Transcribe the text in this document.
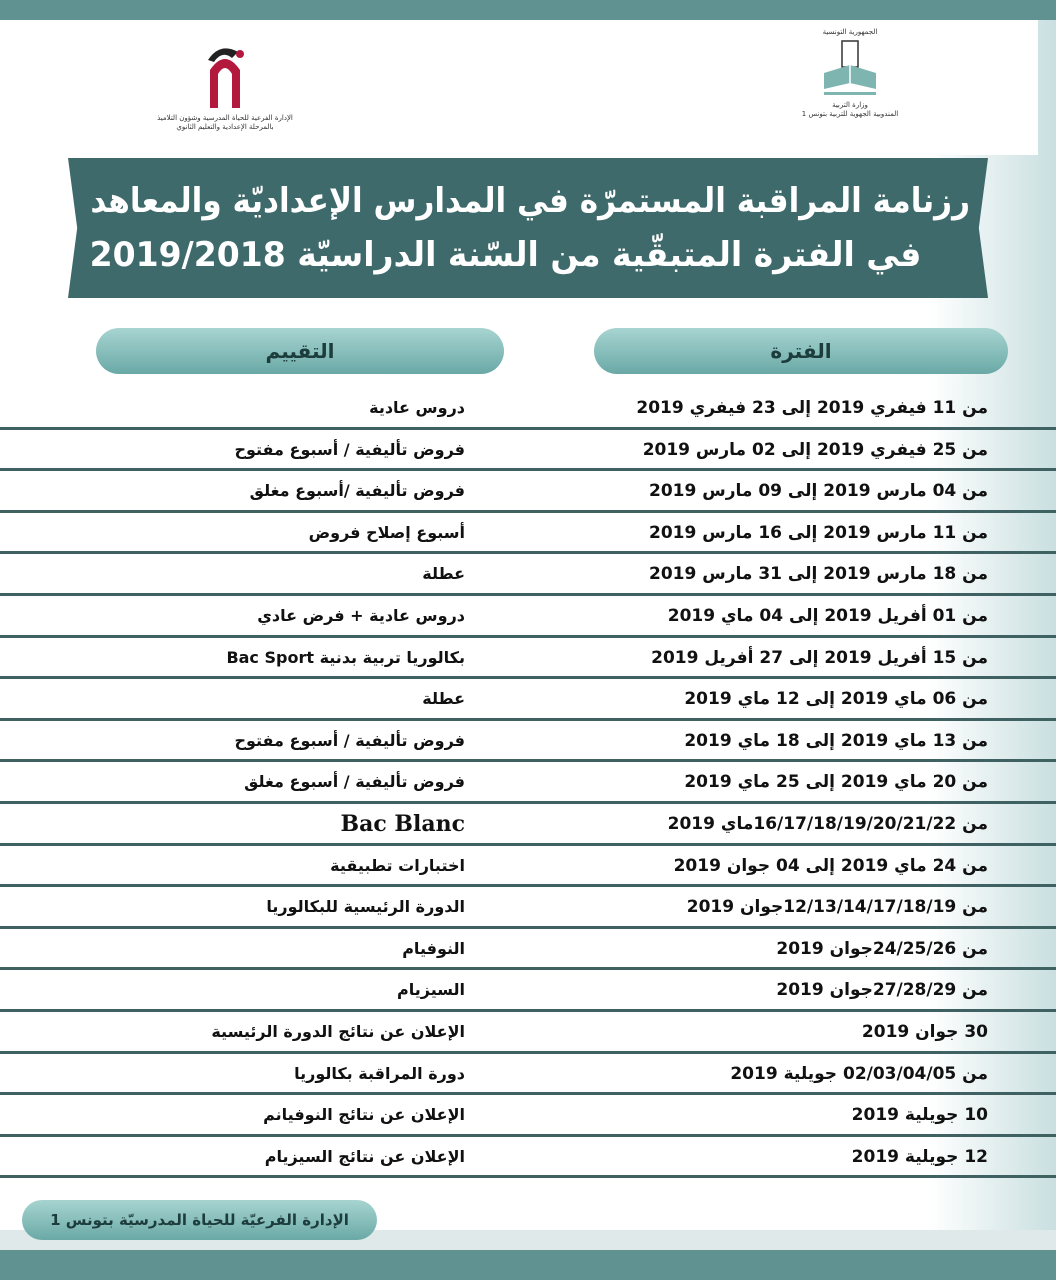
الإدارة الفرعية للحياة المدرسية وشؤون التلاميذ بالمرحلة الإعدادية والتعليم الثانوي
الجمهورية التونسية
وزارة التربية
المندوبية الجهوية للتربية بتونس 1
رزنامة المراقبة المستمرّة في المدارس الإعداديّة والمعاهد
في الفترة المتبقّية من السّنة الدراسيّة 2019/2018
الفترة
التقييم
من 11 فيفري 2019 إلى 23 فيفري 2019
دروس عادية
من 25 فيفري 2019 إلى 02 مارس 2019
فروض تأليفية / أسبوع مفتوح
من 04 مارس 2019 إلى 09 مارس 2019
فروض تأليفية /أسبوع مغلق
من 11 مارس 2019 إلى 16 مارس 2019
أسبوع إصلاح فروض
من 18 مارس 2019 إلى 31 مارس 2019
عطلة
من 01 أفريل 2019 إلى 04 ماي 2019
دروس عادية + فرض عادي
من 15 أفريل 2019 إلى 27 أفريل 2019
بكالوريا تربية بدنية Bac Sport
من 06 ماي 2019 إلى 12 ماي 2019
عطلة
من 13 ماي 2019 إلى 18 ماي 2019
فروض تأليفية / أسبوع مفتوح
من 20 ماي 2019 إلى 25 ماي 2019
فروض تأليفية / أسبوع مغلق
من 16/17/18/19/20/21/22ماي 2019
Bac Blanc
من 24 ماي 2019 إلى 04 جوان 2019
اختبارات تطبيقية
من 12/13/14/17/18/19جوان 2019
الدورة الرئيسية للبكالوريا
من 24/25/26جوان 2019
النوفيام
من 27/28/29جوان 2019
السيزيام
30 جوان 2019
الإعلان عن نتائج الدورة الرئيسية
من 02/03/04/05 جويلية 2019
دورة المراقبة بكالوريا
10 جويلية 2019
الإعلان عن نتائج النوفيانم
12 جويلية 2019
الإعلان عن نتائج السيزيام
الإدارة الفرعيّة للحياة المدرسيّة بتونس 1
